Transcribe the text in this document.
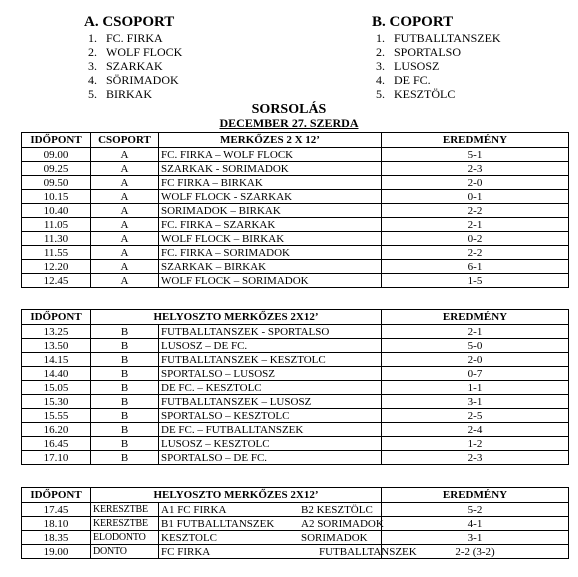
A. CSOPORT
1. FC. FIRKA
2. WOLF FLOCK
3. SZARKAK
4. SÖRIMADOK
5. BIRKAK
B. COPORT
1. FUTBALLTANSZEK
2. SPORTALSO
3. LUSOSZ
4. DE FC.
5. KESZTÖLC
SORSOLÁS
DECEMBER 27. SZERDA
IDŐPONT	CSOPORT	MERKŐZES 2 X 12’	EREDMÉNY
09.00	A	FC. FIRKA – WOLF FLOCK	5-1
09.25	A	SZARKAK - SORIMADOK	2-3
09.50	A	FC FIRKA – BIRKAK	2-0
10.15	A	WOLF FLOCK - SZARKAK	0-1
10.40	A	SORIMADOK – BIRKAK	2-2
11.05	A	FC. FIRKA – SZARKAK	2-1
11.30	A	WOLF FLOCK – BIRKAK	0-2
11.55	A	FC. FIRKA – SORIMADOK	2-2
12.20	A	SZARKAK – BIRKAK	6-1
12.45	A	WOLF FLOCK – SORIMADOK	1-5
IDŐPONT	HELYOSZTO MERKŐZES 2X12’		EREDMÉNY
13.25	B	FUTBALLTANSZEK - SPORTALSO	2-1
13.50	B	LUSOSZ – DE FC.	5-0
14.15	B	FUTBALLTANSZEK – KESZTOLC	2-0
14.40	B	SPORTALSO – LUSOSZ	0-7
15.05	B	DE FC. – KESZTOLC	1-1
15.30	B	FUTBALLTANSZEK – LUSOSZ	3-1
15.55	B	SPORTALSO – KESZTOLC	2-5
16.20	B	DE FC. – FUTBALLTANSZEK	2-4
16.45	B	LUSOSZ – KESZTOLC	1-2
17.10	B	SPORTALSO – DE FC.	2-3
IDŐPONT	HELYOSZTO MERKŐZES 2X12’		EREDMÉNY
17.45	KERESZTBE	A1 FC FIRKA B2 KESZTÖLC	5-2
18.10	KERESZTBE	B1 FUTBALLTANSZEK A2 SORIMADOK	4-1
18.35	ELODONTO	KESZTOLC SORIMADOK	3-1
19.00	DONTO	FC FIRKA FUTBALLTANSZEK	2-2 (3-2)
